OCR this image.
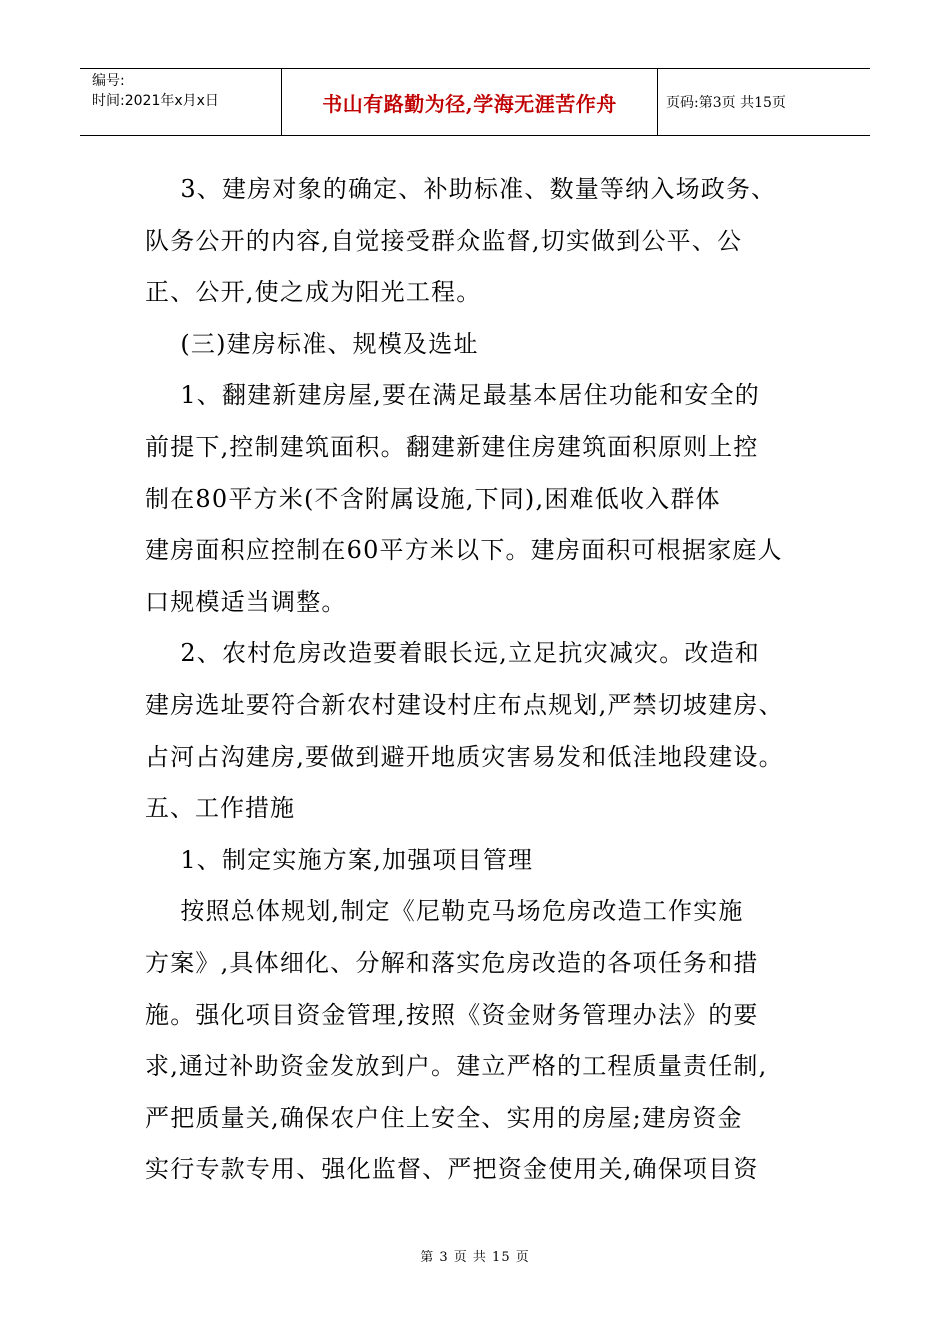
编号:
时间:2021年x月x日	书山有路勤为径,学海无涯苦作舟	页码:第3页 共15页
3、建房对象的确定、补助标准、数量等纳入场政务、
队务公开的内容,自觉接受群众监督,切实做到公平、公
正、公开,使之成为阳光工程。
(三)建房标准、规模及选址
1、翻建新建房屋,要在满足最基本居住功能和安全的
前提下,控制建筑面积。翻建新建住房建筑面积原则上控
制在80平方米(不含附属设施,下同),困难低收入群体
建房面积应控制在60平方米以下。建房面积可根据家庭人
口规模适当调整。
2、农村危房改造要着眼长远,立足抗灾减灾。改造和
建房选址要符合新农村建设村庄布点规划,严禁切坡建房、
占河占沟建房,要做到避开地质灾害易发和低洼地段建设。
五、工作措施
1、制定实施方案,加强项目管理
按照总体规划,制定《尼勒克马场危房改造工作实施
方案》,具体细化、分解和落实危房改造的各项任务和措
施。强化项目资金管理,按照《资金财务管理办法》的要
求,通过补助资金发放到户。建立严格的工程质量责任制,
严把质量关,确保农户住上安全、实用的房屋;建房资金
实行专款专用、强化监督、严把资金使用关,确保项目资
第 3 页 共 15 页
